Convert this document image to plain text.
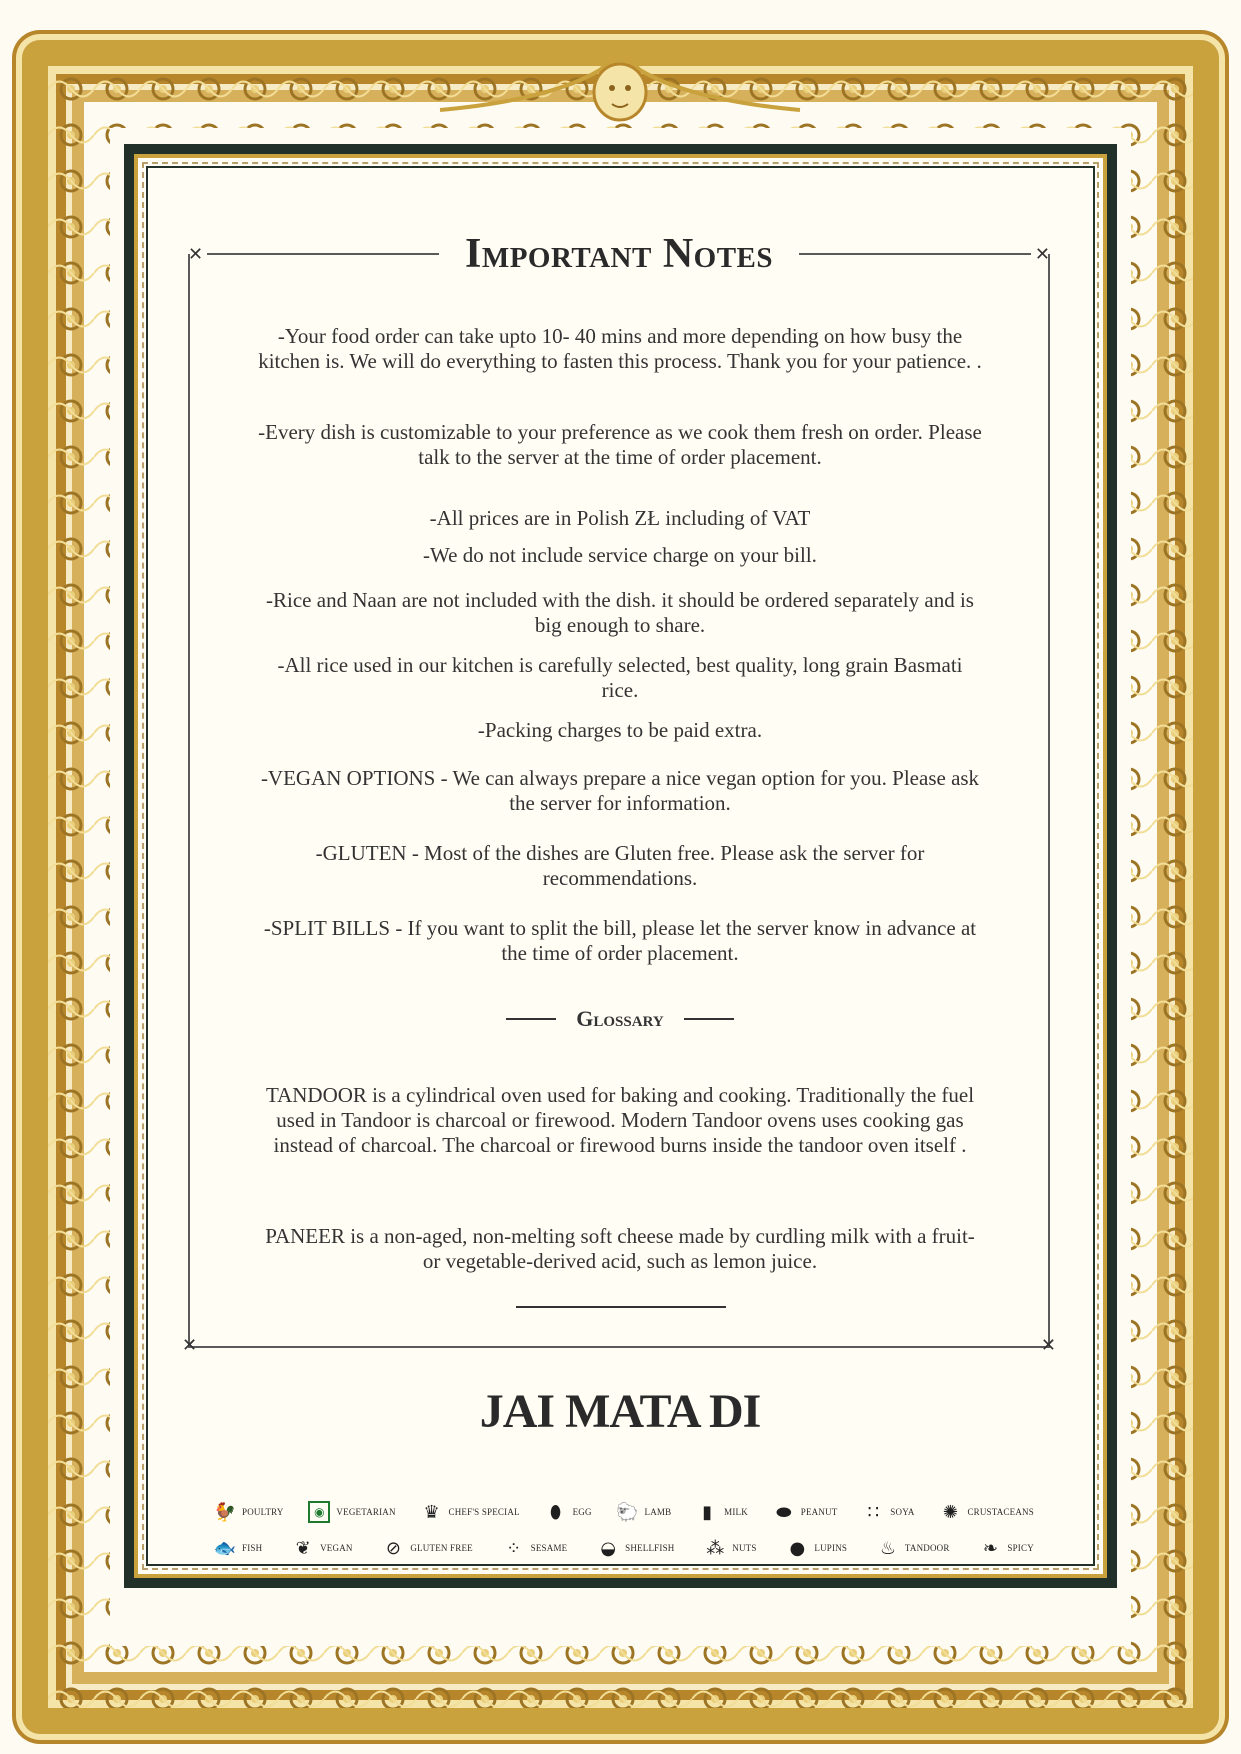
✕	Important Notes	✕
✕	✕

-Your food order can take upto 10- 40 mins and more depending on how busy the kitchen is. We will do everything to fasten this process. Thank you for your patience. .

-Every dish is customizable to your preference as we cook them fresh on order. Please talk to the server at the time of order placement.

-All prices are in Polish ZŁ including of VAT

-We do not include service charge on your bill.

-Rice and Naan are not included with the dish. it should be ordered separately and is big enough to share.

-All rice used in our kitchen is carefully selected, best quality, long grain Basmati rice.

-Packing charges to be paid extra.

-VEGAN OPTIONS - We can always prepare a nice vegan option for you. Please ask the server for information.

-GLUTEN - Most of the dishes are Gluten free. Please ask the server for recommendations.

-SPLIT BILLS - If you want to split the bill, please let the server know in advance at the time of order placement.

Glossary

TANDOOR is a cylindrical oven used for baking and cooking. Traditionally the fuel used in Tandoor is charcoal or firewood. Modern Tandoor ovens uses cooking gas instead of charcoal. The charcoal or firewood burns inside the tandoor oven itself .

PANEER is a non-aged, non-melting soft cheese made by curdling milk with a fruit- or vegetable-derived acid, such as lemon juice.

JAI MATA DI
🐓 POULTRY	◉	VEGETARIAN ♛ CHEF'S SPECIAL ⬮	EGG 🐑 LAMB	▮	MILK ⬬	PEANUT ∷	SOYA ✺	CRUSTACEANS
🐟 FISH ❦	VEGAN ⊘	GLUTEN FREE ⁘	SESAME ◒	SHELLFISH ⁂ NUTS ●	LUPINS ♨ TANDOOR ❧	SPICY
